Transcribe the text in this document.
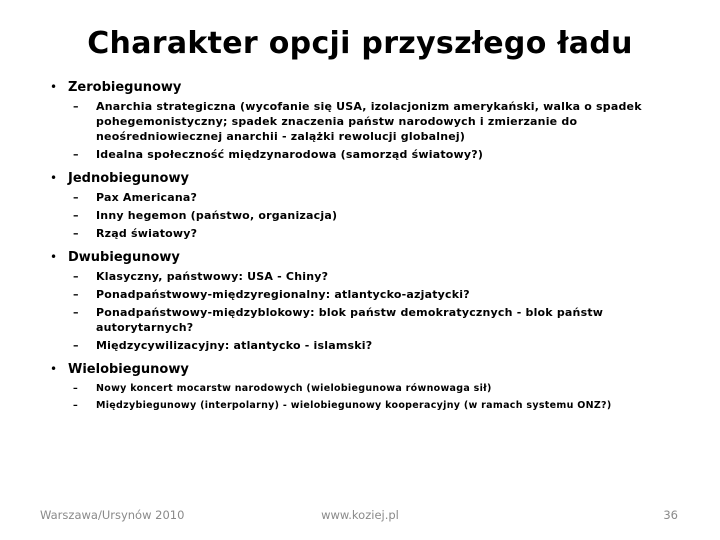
Charakter opcji przyszłego ładu
• Zerobiegunowy
– Anarchia strategiczna (wycofanie się USA, izolacjonizm amerykański, walka o spadek pohegemonistyczny; spadek znaczenia państw narodowych i zmierzanie do neośredniowiecznej anarchii - zalążki rewolucji globalnej)
– Idealna społeczność międzynarodowa (samorząd światowy?)
• Jednobiegunowy
– Pax Americana?
– Inny hegemon (państwo, organizacja)
– Rząd światowy?
• Dwubiegunowy
– Klasyczny, państwowy: USA - Chiny?
– Ponadpaństwowy-międzyregionalny: atlantycko-azjatycki?
– Ponadpaństwowy-międzyblokowy: blok państw demokratycznych - blok państw autorytarnych?
– Międzycywilizacyjny: atlantycko - islamski?
• Wielobiegunowy
– Nowy koncert mocarstw narodowych (wielobiegunowa równowaga sił)
– Międzybiegunowy (interpolarny) - wielobiegunowy kooperacyjny (w ramach systemu ONZ?)
Warszawa/Ursynów 2010	www.koziej.pl	36
